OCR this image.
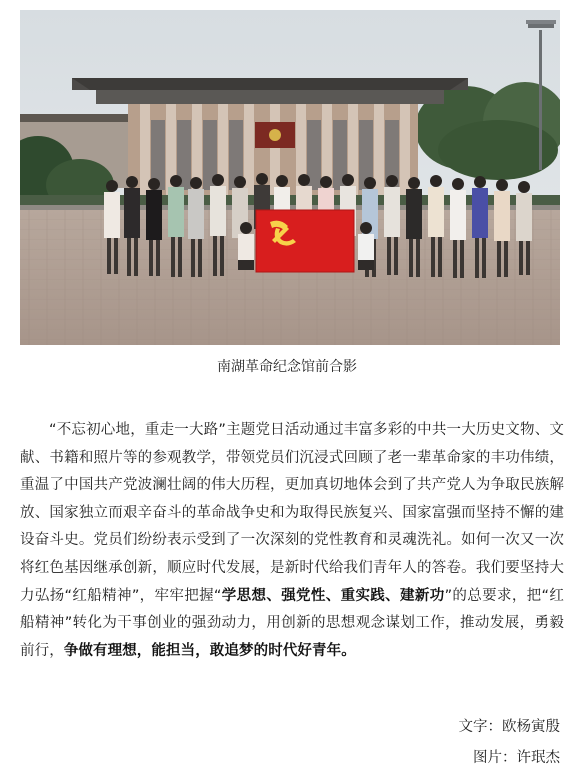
南湖革命纪念馆前合影

“不忘初心地，重走一大路”主题党日活动通过丰富多彩的中共一大历史文物、文献、书籍和照片等的参观教学，带领党员们沉浸式回顾了老一辈革命家的丰功伟绩，重温了中国共产党波澜壮阔的伟大历程，更加真切地体会到了共产党人为争取民族解放、国家独立而艰辛奋斗的革命战争史和为取得民族复兴、国家富强而坚持不懈的建设奋斗史。党员们纷纷表示受到了一次深刻的党性教育和灵魂洗礼。如何一次又一次将红色基因继承创新，顺应时代发展，是新时代给我们青年人的答卷。我们要坚持大力弘扬“红船精神”，牢牢把握“学思想、强党性、重实践、建新功”的总要求，把“红船精神”转化为干事创业的强劲动力，用创新的思想观念谋划工作，推动发展，勇毅前行，争做有理想，能担当，敢追梦的时代好青年。

文字：欧杨寅殷
图片：许珉杰
